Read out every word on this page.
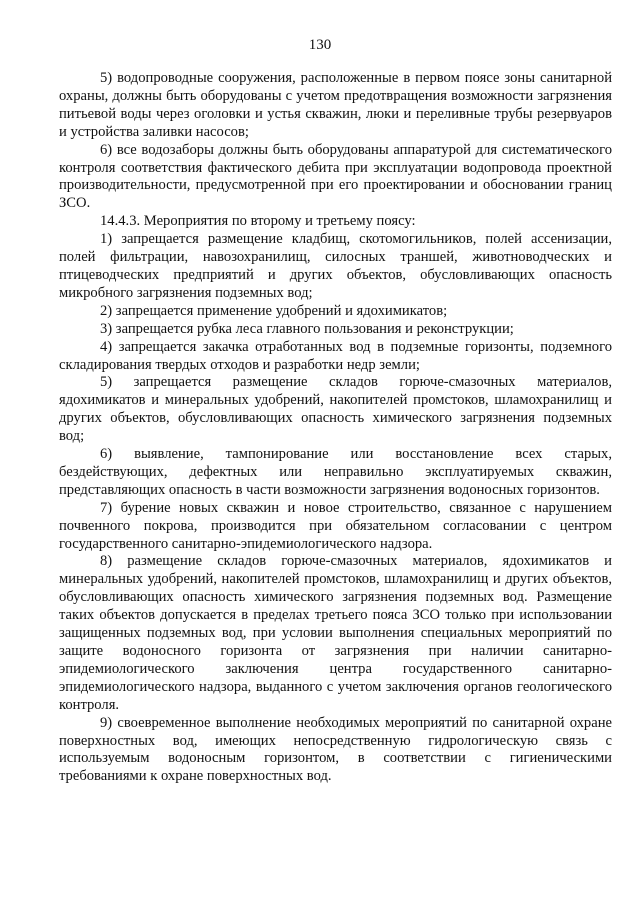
130

5) водопроводные сооружения, расположенные в первом поясе зоны санитарной охраны, должны быть оборудованы с учетом предотвращения возможности загрязнения питьевой воды через оголовки и устья скважин, люки и переливные трубы резервуаров и устройства заливки насосов;

6) все водозаборы должны быть оборудованы аппаратурой для систематического контроля соответствия фактического дебита при эксплуатации водопровода проектной производительности, предусмотренной при его проектировании и обосновании границ ЗСО.

14.4.3. Мероприятия по второму и третьему поясу:

1) запрещается размещение кладбищ, скотомогильников, полей ассенизации, полей фильтрации, навозохранилищ, силосных траншей, животноводческих и птицеводческих предприятий и других объектов, обусловливающих опасность микробного загрязнения подземных вод;

2) запрещается применение удобрений и ядохимикатов;

3) запрещается рубка леса главного пользования и реконструкции;

4) запрещается закачка отработанных вод в подземные горизонты, подземного складирования твердых отходов и разработки недр земли;

5) запрещается размещение складов горюче-смазочных материалов, ядохимикатов и минеральных удобрений, накопителей промстоков, шламохранилищ и других объектов, обусловливающих опасность химического загрязнения подземных вод;

6) выявление, тампонирование или восстановление всех старых, бездействующих, дефектных или неправильно эксплуатируемых скважин, представляющих опасность в части возможности загрязнения водоносных горизонтов.

7) бурение новых скважин и новое строительство, связанное с нарушением почвенного покрова, производится при обязательном согласовании с центром государственного санитарно-эпидемиологического надзора.

8) размещение складов горюче-смазочных материалов, ядохимикатов и минеральных удобрений, накопителей промстоков, шламохранилищ и других объектов, обусловливающих опасность химического загрязнения подземных вод. Размещение таких объектов допускается в пределах третьего пояса ЗСО только при использовании защищенных подземных вод, при условии выполнения специальных мероприятий по защите водоносного горизонта от загрязнения при наличии санитарно-эпидемиологического заключения центра государственного санитарно-эпидемиологического надзора, выданного с учетом заключения органов геологического контроля.

9) своевременное выполнение необходимых мероприятий по санитарной охране поверхностных вод, имеющих непосредственную гидрологическую связь с используемым водоносным горизонтом, в соответствии с гигиеническими требованиями к охране поверхностных вод.
